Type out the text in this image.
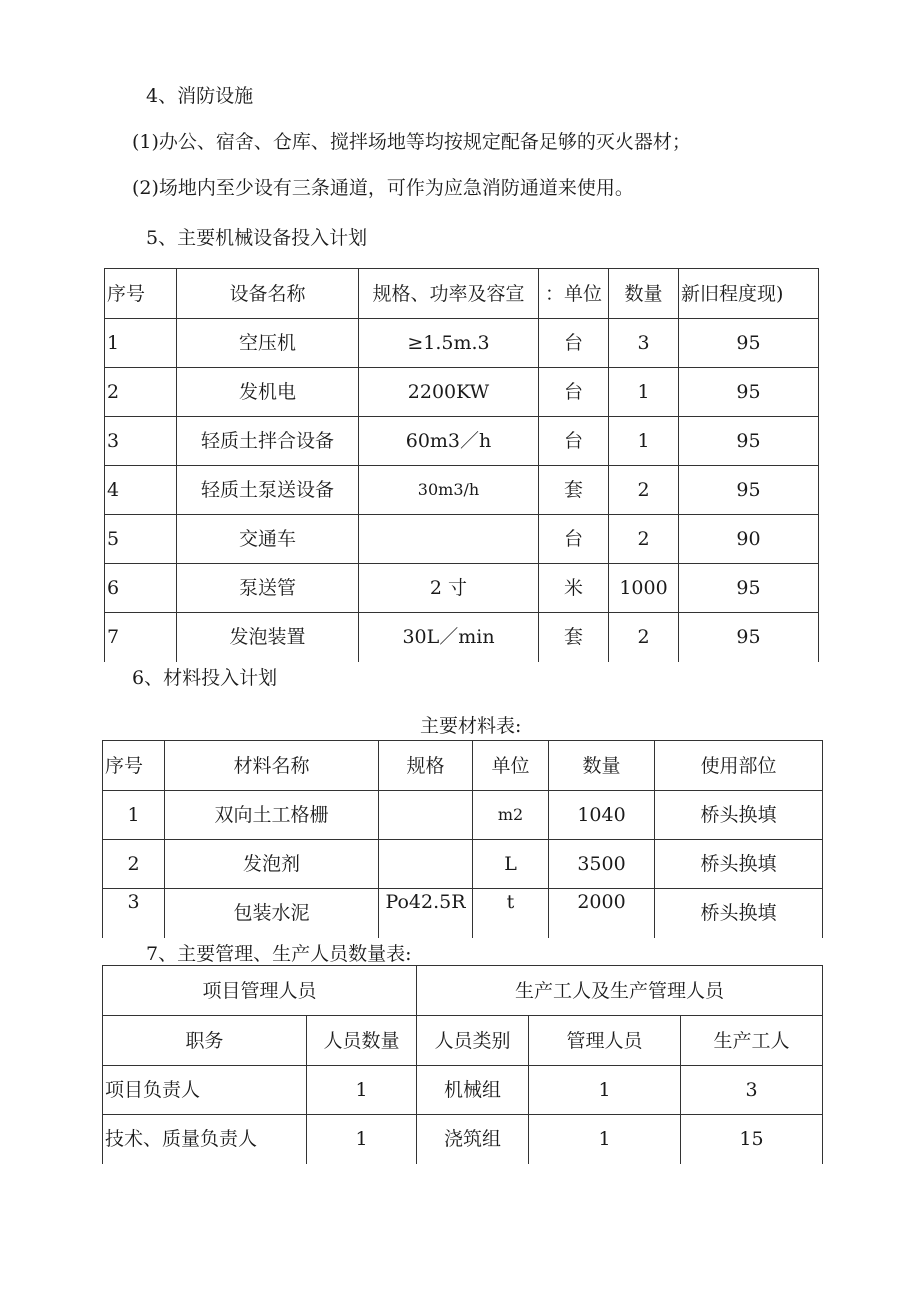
4、消防设施
(1)办公、宿舍、仓库、搅拌场地等均按规定配备足够的灭火器材；
(2)场地内至少设有三条通道，可作为应急消防通道来使用。
5、主要机械设备投入计划
序号	设备名称	规格、功率及容宣	：单位	数量	新旧程度现)
1	空压机	≥1.5m.3	台	3	95
2	发机电	2200KW	台	1	95
3	轻质土拌合设备	60m3／h	台	1	95
4	轻质土泵送设备	30m3/h	套	2	95
5	交通车		台	2	90
6	泵送管	2 寸	米	1000	95
7	发泡装置	30L／min	套	2	95
6、材料投入计划
主要材料表:
序号	材料名称	规格	单位	数量	使用部位
1	双向土工格栅		m2	1040	桥头换填
2	发泡剂		L	3500	桥头换填
3	包装水泥	Po42.5R	t	2000	桥头换填
7、主要管理、生产人员数量表:
项目管理人员		生产工人及生产管理人员		
职务	人员数量	人员类别	管理人员	生产工人
项目负责人	1	机械组	1	3
技术、质量负责人	1	浇筑组	1	15
